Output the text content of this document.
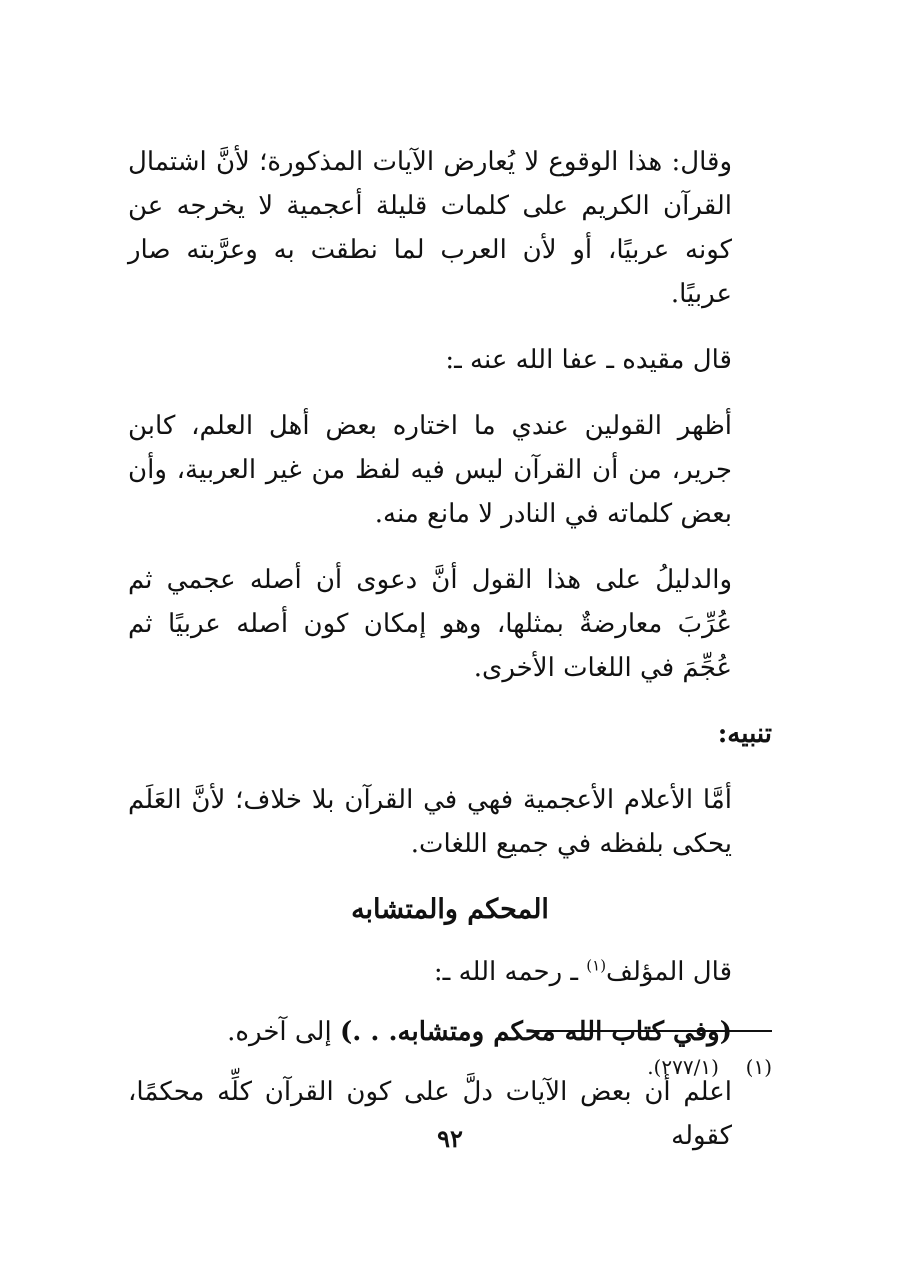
وقال: هذا الوقوع لا يُعارض الآيات المذكورة؛ لأنَّ اشتمال القرآن الكريم على كلمات قليلة أعجمية لا يخرجه عن كونه عربيًا، أو لأن العرب لما نطقت به وعرَّبته صار عربيًا.

قال مقيده ـ عفا الله عنه ـ:

أظهر القولين عندي ما اختاره بعض أهل العلم، كابن جرير، من أن القرآن ليس فيه لفظ من غير العربية، وأن بعض كلماته في النادر لا مانع منه.

والدليلُ على هذا القول أنَّ دعوى أن أصله عجمي ثم عُرِّبَ معارضةٌ بمثلها، وهو إمكان كون أصله عربيًا ثم عُجِّمَ في اللغات الأخرى.

تنبيه:

أمَّا الأعلام الأعجمية فهي في القرآن بلا خلاف؛ لأنَّ العَلَم يحكى بلفظه في جميع اللغات.

المحكم والمتشابه

قال المؤلف$^{(١)}$ ـ رحمه الله ـ:

(وفي كتاب الله محكم ومتشابه. . .) إلى آخره.

اعلم أن بعض الآيات دلَّ على كون القرآن كلِّه محكمًا، كقوله

(١)  (٢٧٧/١).
٩٢
